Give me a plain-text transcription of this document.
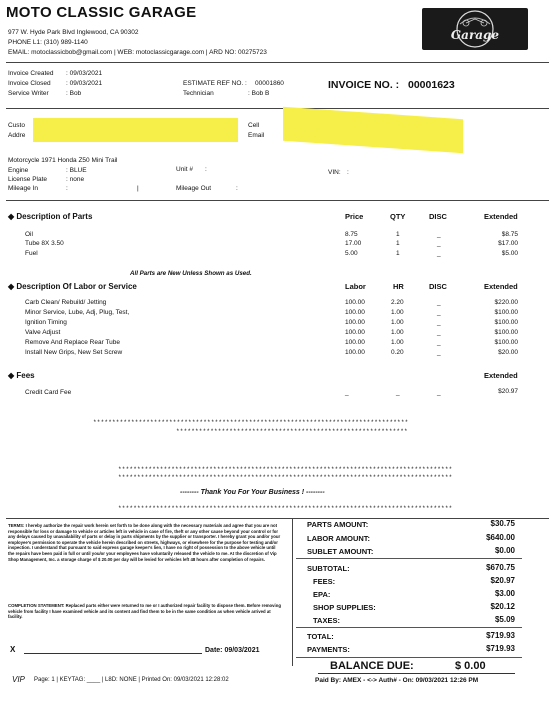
MOTO CLASSIC GARAGE
977 W. Hyde Park Blvd Inglewood, CA 90302
PHONE L1: (310) 989-1140
EMAIL: motoclassicbob@gmail.com | WEB: motoclassicgarage.com | ARD NO: 00275723
Garage
Invoice Created : 09/03/2021
Invoice Closed : 09/03/2021
Service Writer	: Bob
ESTIMATE REF NO. : 00001860
Technician	: Bob B
INVOICE NO. : 00001623
Custo
Addre
Cell
Email
Motorcycle 1971 Honda Z50 Mini Trail
Engine	: BLUE
License Plate	: none
Mileage In	:	|
Unit # :
Mileage Out	:
VIN: :
◆ Description of Parts	Price	QTY	DISC	Extended
Oil	8.75	1	_	$8.75
Tube 8X 3.50	17.00	1	_	$17.00
Fuel	5.00	1	_	$5.00
All Parts are New Unless Shown as Used.
◆ Description Of Labor or Service	Labor	HR	DISC	Extended
Carb Clean/ Rebuild/ Jetting	100.00	2.20	_	$220.00
Minor Service, Lube, Adj, Plug, Test,	100.00	1.00	_	$100.00
Ignition Timing	100.00	1.00	_	$100.00
Valve Adjust	100.00	1.00	_	$100.00
Remove And Replace Rear Tube	100.00	1.00	_	$100.00
Install New Grips, New Set Screw	100.00	0.20	_	$20.00
◆ Fees	Extended
Credit Card Fee	_	_	_	$20.97
***********************************************************************************
*************************************************************
****************************************************************************************
****************************************************************************************
****************************************************************************************
-------- Thank You For Your Business ! --------
TERMS: I hereby authorize the repair work herein set forth to be done along with the necessary materials and agree that you are not responsible for loss or damage to vehicle or articles left in vehicle in case of fire, theft or any other cause beyond your control or for any delays caused by unavailability of parts or delay in parts shipments by the supplier or transporter. I hereby grant you and/or your employee's permission to operate the vehicle herein described on streets, highways, or elsewhere for the purpose for testing and/or inspection. I understand that pursuant to said express garage keeper's lien, I have no right of possession to the above vehicle until the repairs have been paid in full or until you/or your employees have voluntarily released the vehicle to me. At the discretion of Vip Shop Management, Inc. a storage charge of $ 20.00 per day will be levied for vehicles left 48 hours after completion of repairs.
COMPLETION STATEMENT: Replaced parts either were returned to me or I authorized repair facility to dispose them. Before removing vehicle from facility I have examined vehicle and its content and find them to be in the same condition as when vehicle arrived at facility.
X	Date: 09/03/2021
PARTS AMOUNT:	$30.75
LABOR AMOUNT:	$640.00
SUBLET AMOUNT:	$0.00
SUBTOTAL:	$670.75
FEES:	$20.97
EPA:	$3.00
SHOP SUPPLIES:	$20.12
TAXES:	$5.09
TOTAL:	$719.93
PAYMENTS:	$719.93
BALANCE DUE:	$ 0.00
Paid By: AMEX - <-> Auth# - On: 09/03/2021 12:26 PM
VIP Page: 1 | KEYTAG: ____ | L8D: NONE | Printed On: 09/03/2021 12:28:02
